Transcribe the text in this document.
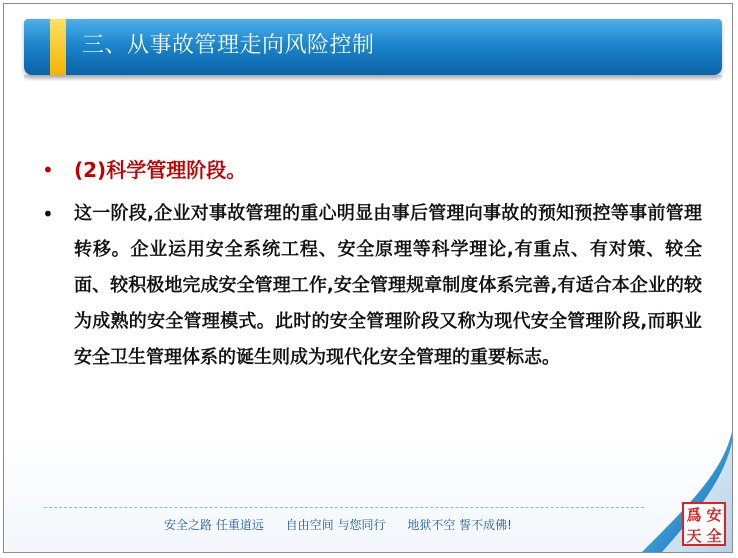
三、从事故管理走向风险控制
• (2)科学管理阶段。
• 这一阶段,企业对事故管理的重心明显由事后管理向事故的预知预控等事前管理转移。企业运用安全系统工程、安全原理等科学理论,有重点、有对策、较全面、较积极地完成安全管理工作,安全管理规章制度体系完善,有适合本企业的较为成熟的安全管理模式。此时的安全管理阶段又称为现代安全管理阶段,而职业安全卫生管理体系的诞生则成为现代化安全管理的重要标志。
安全之路 任重道远 自由空间 与您同行 地狱不空 誓不成佛!
爲 安
天 全
